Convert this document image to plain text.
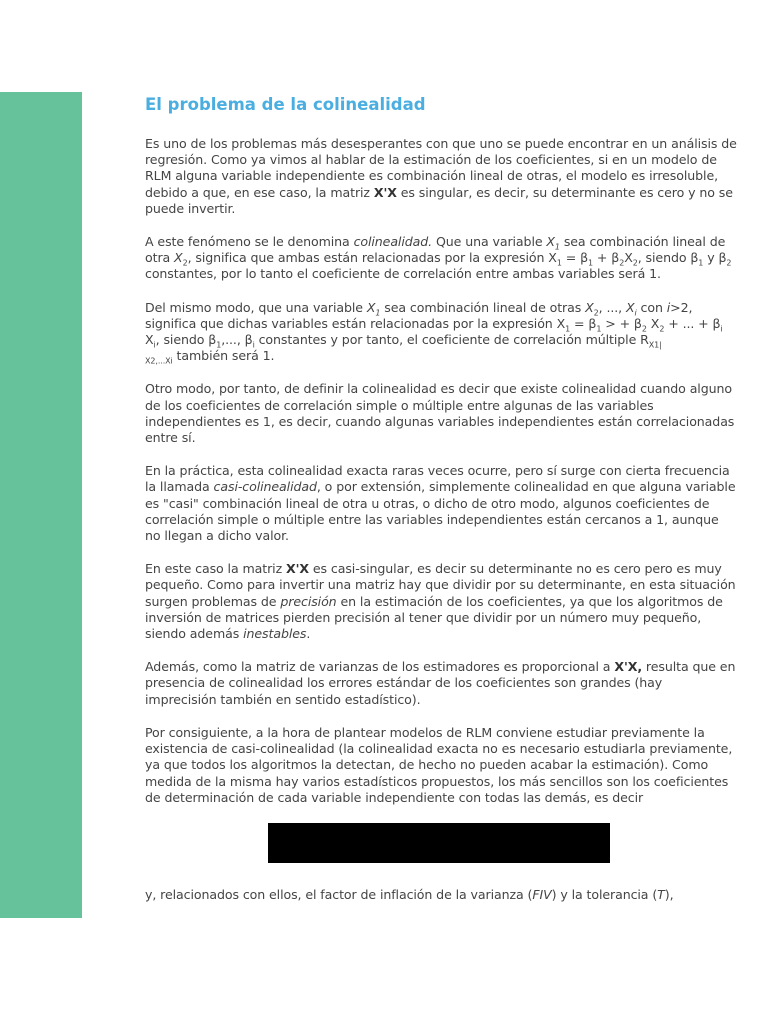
El problema de la colinealidad

Es uno de los problemas más desesperantes con que uno se puede encontrar en un análisis de regresión. Como ya vimos al hablar de la estimación de los coeficientes, si en un modelo de RLM alguna variable independiente es combinación lineal de otras, el modelo es irresoluble, debido a que, en ese caso, la matriz X'X es singular, es decir, su determinante es cero y no se puede invertir.

A este fenómeno se le denomina colinealidad. Que una variable $X_1$ sea combinación lineal de otra $X_2$, significa que ambas están relacionadas por la expresión $X_1 = \beta_1 + \beta_2X_2$, siendo $\beta_1$ y $\beta_2$ constantes, por lo tanto el coeficiente de correlación entre ambas variables será 1.

Del mismo modo, que una variable $X_1$ sea combinación lineal de otras $X_2$, ..., $X_i$ con i>2, significa que dichas variables están relacionadas por la expresión $X_1 = \beta_1$ > + $\beta_2$ $X_2$ + ... + $\beta_i$ $X_i$, siendo $\beta_1$,..., $\beta_i$ constantes y por tanto, el coeficiente de correlación múltiple $R_{X1|}$
$_{X2,...Xi}$ también será 1.

Otro modo, por tanto, de definir la colinealidad es decir que existe colinealidad cuando alguno de los coeficientes de correlación simple o múltiple entre algunas de las variables independientes es 1, es decir, cuando algunas variables independientes están correlacionadas entre sí.

En la práctica, esta colinealidad exacta raras veces ocurre, pero sí surge con cierta frecuencia la llamada casi-colinealidad, o por extensión, simplemente colinealidad en que alguna variable es "casi" combinación lineal de otra u otras, o dicho de otro modo, algunos coeficientes de correlación simple o múltiple entre las variables independientes están cercanos a 1, aunque no llegan a dicho valor.

En este caso la matriz X'X es casi-singular, es decir su determinante no es cero pero es muy pequeño. Como para invertir una matriz hay que dividir por su determinante, en esta situación surgen problemas de precisión en la estimación de los coeficientes, ya que los algoritmos de inversión de matrices pierden precisión al tener que dividir por un número muy pequeño, siendo además inestables.

Además, como la matriz de varianzas de los estimadores es proporcional a X'X, resulta que en presencia de colinealidad los errores estándar de los coeficientes son grandes (hay imprecisión también en sentido estadístico).

Por consiguiente, a la hora de plantear modelos de RLM conviene estudiar previamente la existencia de casi-colinealidad (la colinealidad exacta no es necesario estudiarla previamente, ya que todos los algoritmos la detectan, de hecho no pueden acabar la estimación). Como medida de la misma hay varios estadísticos propuestos, los más sencillos son los coeficientes de determinación de cada variable independiente con todas las demás, es decir

y, relacionados con ellos, el factor de inflación de la varianza (FIV) y la tolerancia (T),
